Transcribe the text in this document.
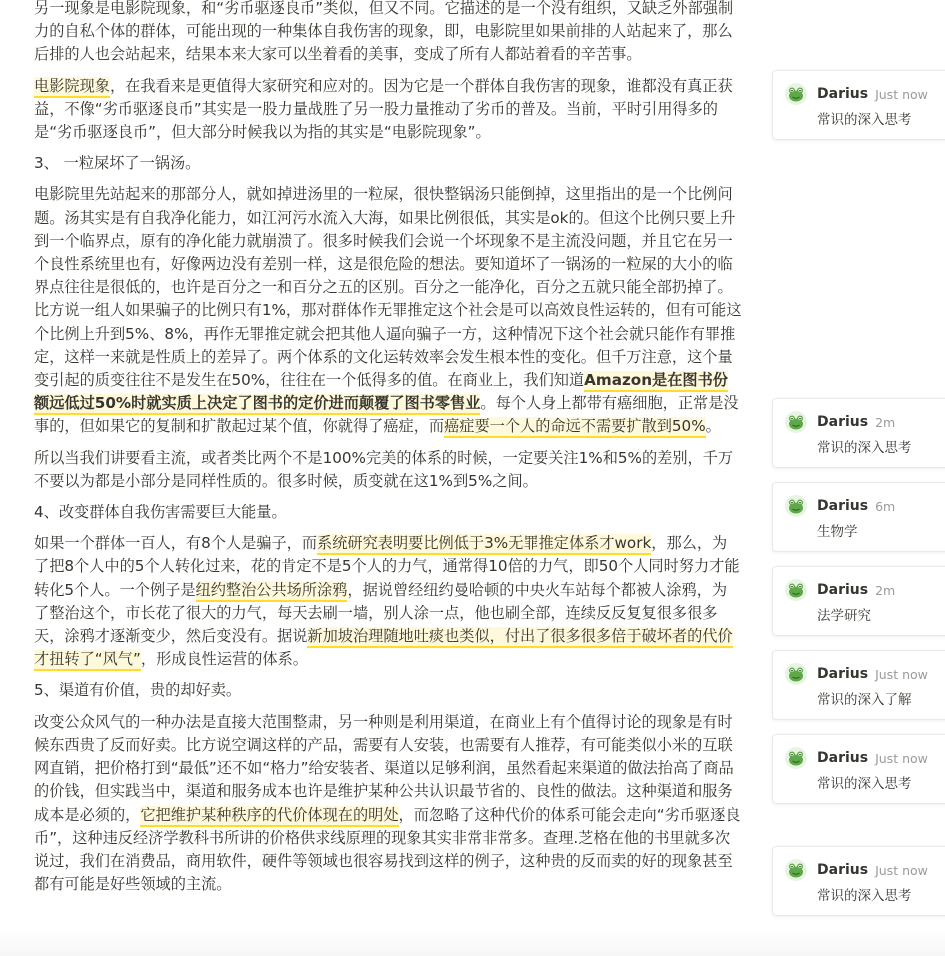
另一现象是电影院现象，和“劣币驱逐良币”类似，但又不同。它描述的是一个没有组织，又缺乏外部强制力的自私个体的群体，可能出现的一种集体自我伤害的现象，即，电影院里如果前排的人站起来了，那么后排的人也会站起来，结果本来大家可以坐着看的美事，变成了所有人都站着看的辛苦事。

电影院现象，在我看来是更值得大家研究和应对的。因为它是一个群体自我伤害的现象，谁都没有真正获益，不像“劣币驱逐良币”其实是一股力量战胜了另一股力量推动了劣币的普及。当前，平时引用得多的是“劣币驱逐良币”，但大部分时候我以为指的其实是“电影院现象”。

3、 一粒屎坏了一锅汤。

电影院里先站起来的那部分人，就如掉进汤里的一粒屎，很快整锅汤只能倒掉，这里指出的是一个比例问题。汤其实是有自我净化能力，如江河污水流入大海，如果比例很低，其实是ok的。但这个比例只要上升到一个临界点，原有的净化能力就崩溃了。很多时候我们会说一个坏现象不是主流没问题，并且它在另一个良性系统里也有，好像两边没有差别一样，这是很危险的想法。要知道坏了一锅汤的一粒屎的大小的临界点往往是很低的，也许是百分之一和百分之五的区别。百分之一能净化，百分之五就只能全部扔掉了。比方说一组人如果骗子的比例只有1%，那对群体作无罪推定这个社会是可以高效良性运转的，但有可能这个比例上升到5%、8%，再作无罪推定就会把其他人逼向骗子一方，这种情况下这个社会就只能作有罪推定，这样一来就是性质上的差异了。两个体系的文化运转效率会发生根本性的变化。但千万注意，这个量变引起的质变往往不是发生在50%，往往在一个低得多的值。在商业上，我们知道Amazon是在图书份额远低过50%时就实质上决定了图书的定价进而颠覆了图书零售业。每个人身上都带有癌细胞，正常是没事的，但如果它的复制和扩散起过某个值，你就得了癌症，而癌症要一个人的命远不需要扩散到50%。

所以当我们讲要看主流，或者类比两个不是100%完美的体系的时候，一定要关注1%和5%的差别，千万不要以为都是小部分是同样性质的。很多时候，质变就在这1%到5%之间。

4、改变群体自我伤害需要巨大能量。

如果一个群体一百人，有8个人是骗子，而系统研究表明要比例低于3%无罪推定体系才work，那么，为了把8个人中的5个人转化过来，花的肯定不是5个人的力气，通常得10倍的力气，即50个人同时努力才能转化5个人。一个例子是纽约整治公共场所涂鸦，据说曾经纽约曼哈顿的中央火车站每个都被人涂鸦，为了整治这个，市长花了很大的力气，每天去刷一墙，别人涂一点，他也刷全部，连续反反复复很多很多天，涂鸦才逐渐变少，然后变没有。据说新加坡治理随地吐痰也类似，付出了很多很多倍于破坏者的代价才扭转了“风气”，形成良性运营的体系。

5、渠道有价值，贵的却好卖。

改变公众风气的一种办法是直接大范围整肃，另一种则是利用渠道，在商业上有个值得讨论的现象是有时候东西贵了反而好卖。比方说空调这样的产品，需要有人安装，也需要有人推荐，有可能类似小米的互联网直销，把价格打到“最低”还不如“格力”给安装者、渠道以足够利润，虽然看起来渠道的做法抬高了商品的价钱，但实践当中，渠道和服务成本也许是维护某种公共认识最节省的、良性的做法。这种渠道和服务成本是必须的，它把维护某种秩序的代价体现在的明处，而忽略了这种代价的体系可能会走向“劣币驱逐良币”，这种违反经济学教科书所讲的价格供求线原理的现象其实非常非常多。查理.芝格在他的书里就多次说过，我们在消费品，商用软件，硬件等领域也很容易找到这样的例子，这种贵的反而卖的好的现象甚至都有可能是好些领域的主流。

Darius Just now
常识的深入思考
Darius 2m
常识的深入思考
Darius 6m
生物学
Darius 2m
法学研究
Darius Just now
常识的深入了解
Darius Just now
常识的深入思考
Darius Just now
常识的深入思考
